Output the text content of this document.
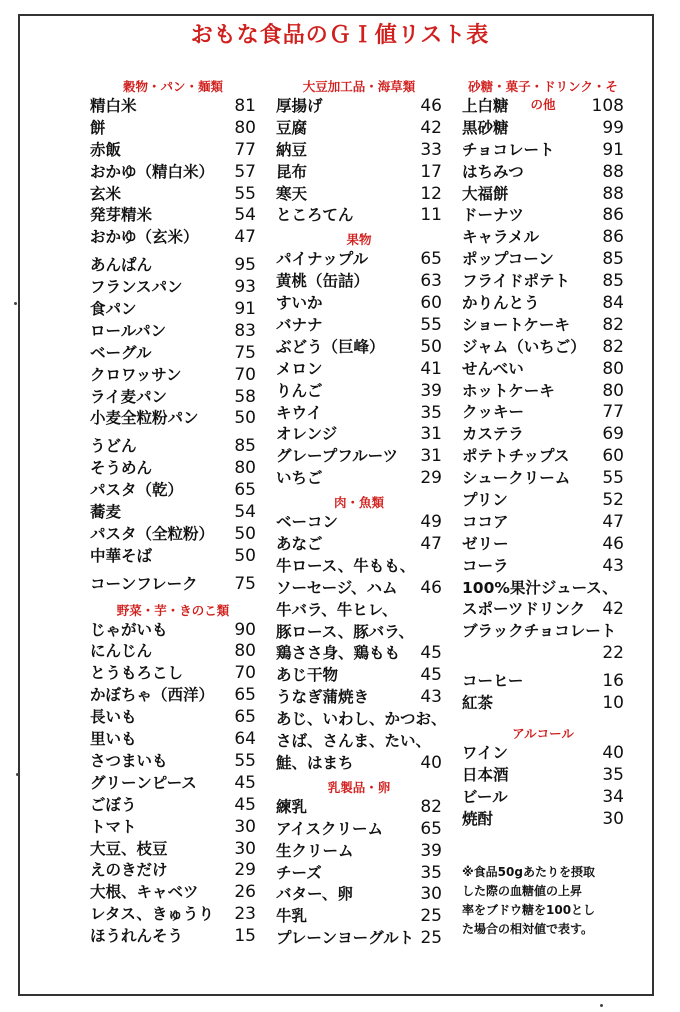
おもな食品のＧＩ値リスト表
穀物・パン・麺類
精白米	81
餅	80
赤飯	77
おかゆ（精白米）	57
玄米	55
発芽精米	54
おかゆ（玄米）	47
あんぱん	95
フランスパン	93
食パン	91
ロールパン	83
ベーグル	75
クロワッサン	70
ライ麦パン	58
小麦全粒粉パン	50
うどん	85
そうめん	80
パスタ（乾）	65
蕎麦	54
パスタ（全粒粉）	50
中華そば	50
コーンフレーク	75
野菜・芋・きのこ類
じゃがいも	90
にんじん	80
とうもろこし	70
かぼちゃ（西洋）	65
長いも	65
里いも	64
さつまいも	55
グリーンピース	45
ごぼう	45
トマト	30
大豆、枝豆	30
えのきだけ	29
大根、キャベツ	26
レタス、きゅうり	23
ほうれんそう	15
大豆加工品・海草類
厚揚げ	46
豆腐	42
納豆	33
昆布	17
寒天	12
ところてん	11
果物
パイナップル	65
黄桃（缶詰）	63
すいか	60
バナナ	55
ぶどう（巨峰）	50
メロン	41
りんご	39
キウイ	35
オレンジ	31
グレープフルーツ	31
いちご	29
肉・魚類
ベーコン	49
あなご	47
牛ロース、牛もも、
ソーセージ、ハム	46
牛バラ、牛ヒレ、
豚ロース、豚バラ、
鶏ささ身、鶏もも	45
あじ干物	45
うなぎ蒲焼き	43
あじ、いわし、かつお、
さば、さんま、たい、
鮭、はまち	40
乳製品・卵
練乳	82
アイスクリーム	65
生クリーム	39
チーズ	35
バター、卵	30
牛乳	25
プレーンヨーグルト 25
砂糖・菓子・ドリンク・その他
上白糖	108
黒砂糖	99
チョコレート	91
はちみつ	88
大福餅	88
ドーナツ	86
キャラメル	86
ポップコーン	85
フライドポテト	85
かりんとう	84
ショートケーキ	82
ジャム（いちご） 82
せんべい	80
ホットケーキ	80
クッキー	77
カステラ	69
ポテトチップス	60
シュークリーム	55
プリン	52
ココア	47
ゼリー	46
コーラ	43
100%果汁ジュース、
スポーツドリンク	42
ブラックチョコレート
22
コーヒー	16
紅茶	10
アルコール
ワイン	40
日本酒	35
ビール	34
焼酎	30
※食品50gあたりを摂取
した際の血糖値の上昇
率をブドウ糖を100とし
た場合の相対値で表す。
